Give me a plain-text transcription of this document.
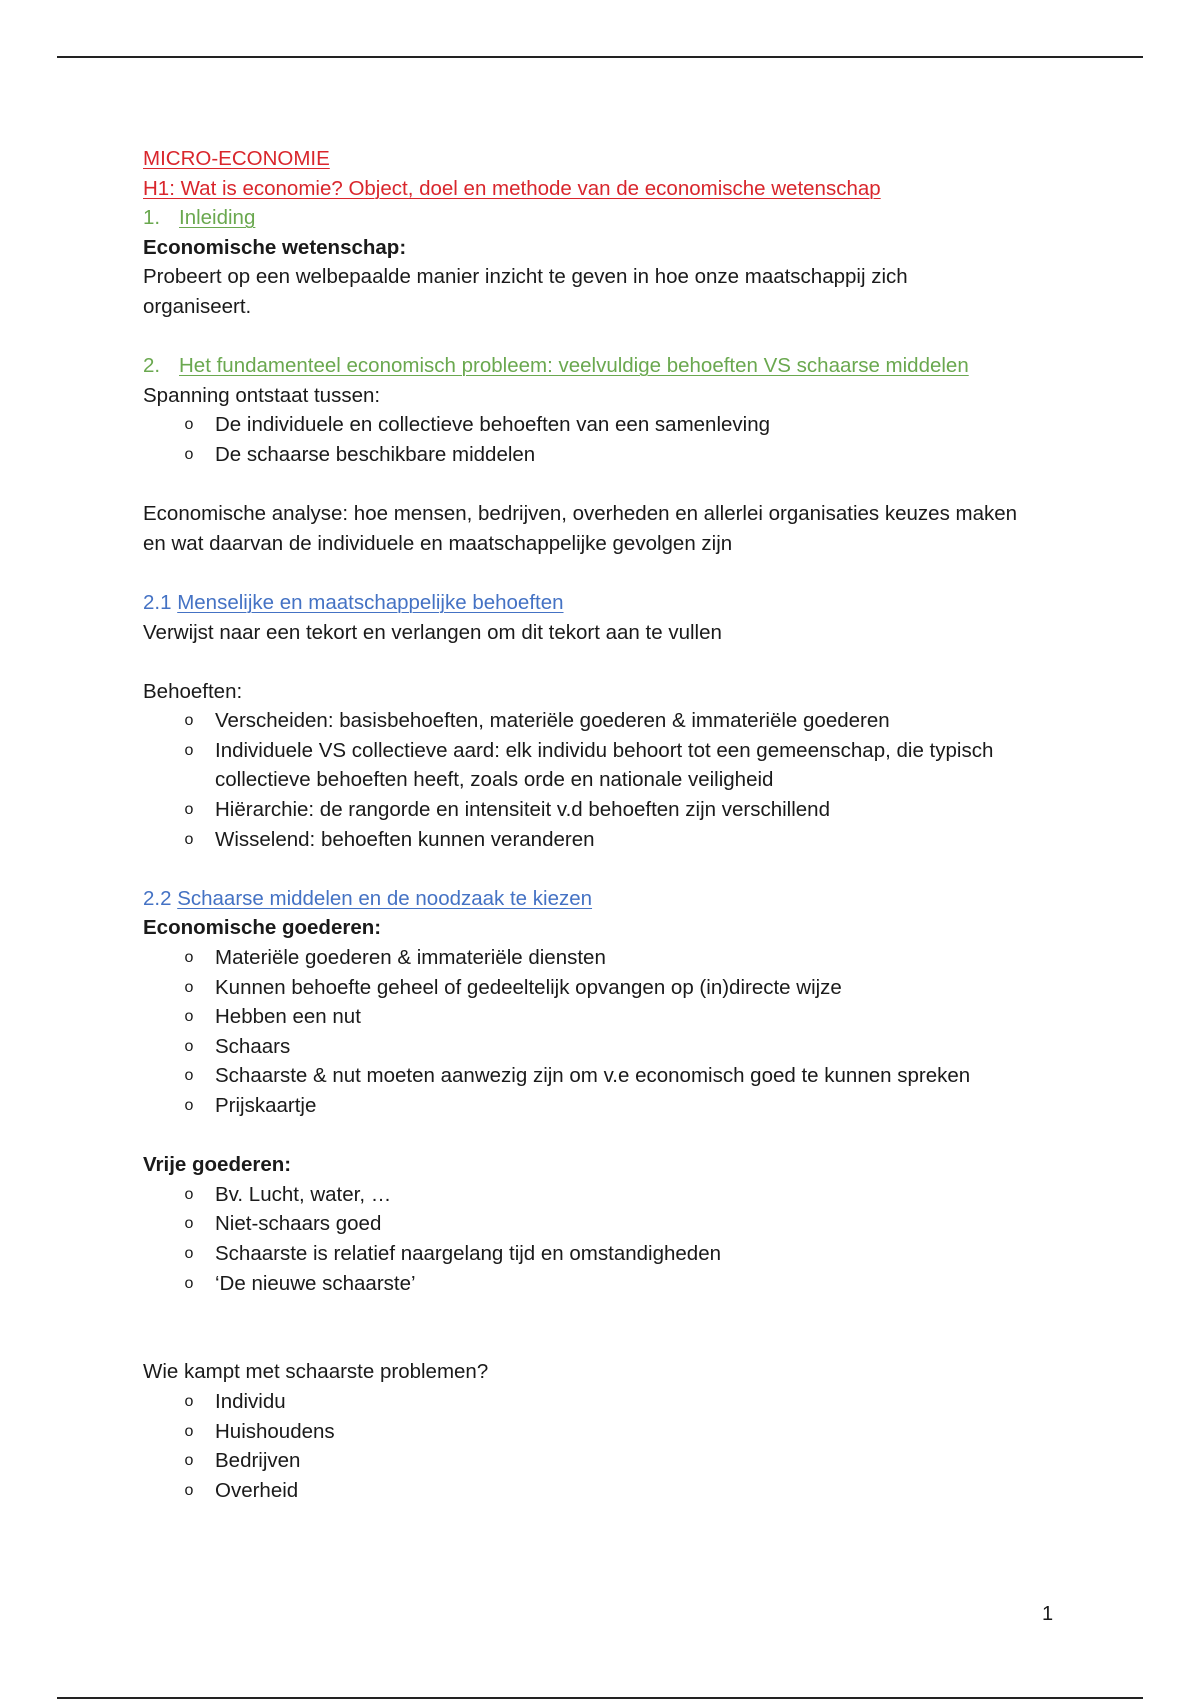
MICRO-ECONOMIE

H1: Wat is economie? Object, doel en methode van de economische wetenschap

1. Inleiding

Economische wetenschap:

Probeert op een welbepaalde manier inzicht te geven in hoe onze maatschappij zich organiseert.

2. Het fundamenteel economisch probleem: veelvuldige behoeften VS schaarse middelen

Spanning ontstaat tussen:

o De individuele en collectieve behoeften van een samenleving
o De schaarse beschikbare middelen

Economische analyse: hoe mensen, bedrijven, overheden en allerlei organisaties keuzes maken en wat daarvan de individuele en maatschappelijke gevolgen zijn

2.1 Menselijke en maatschappelijke behoeften

Verwijst naar een tekort en verlangen om dit tekort aan te vullen

Behoeften:

o Verscheiden: basisbehoeften, materiële goederen & immateriële goederen
o Individuele VS collectieve aard: elk individu behoort tot een gemeenschap, die typisch collectieve behoeften heeft, zoals orde en nationale veiligheid
o Hiërarchie: de rangorde en intensiteit v.d behoeften zijn verschillend
o Wisselend: behoeften kunnen veranderen

2.2 Schaarse middelen en de noodzaak te kiezen

Economische goederen:

o Materiële goederen & immateriële diensten
o Kunnen behoefte geheel of gedeeltelijk opvangen op (in)directe wijze
o Hebben een nut
o Schaars
o Schaarste & nut moeten aanwezig zijn om v.e economisch goed te kunnen spreken
o Prijskaartje

Vrije goederen:

o Bv. Lucht, water, …
o Niet-schaars goed
o Schaarste is relatief naargelang tijd en omstandigheden
o ‘De nieuwe schaarste’

Wie kampt met schaarste problemen?

o Individu
o Huishoudens
o Bedrijven
o Overheid
1
